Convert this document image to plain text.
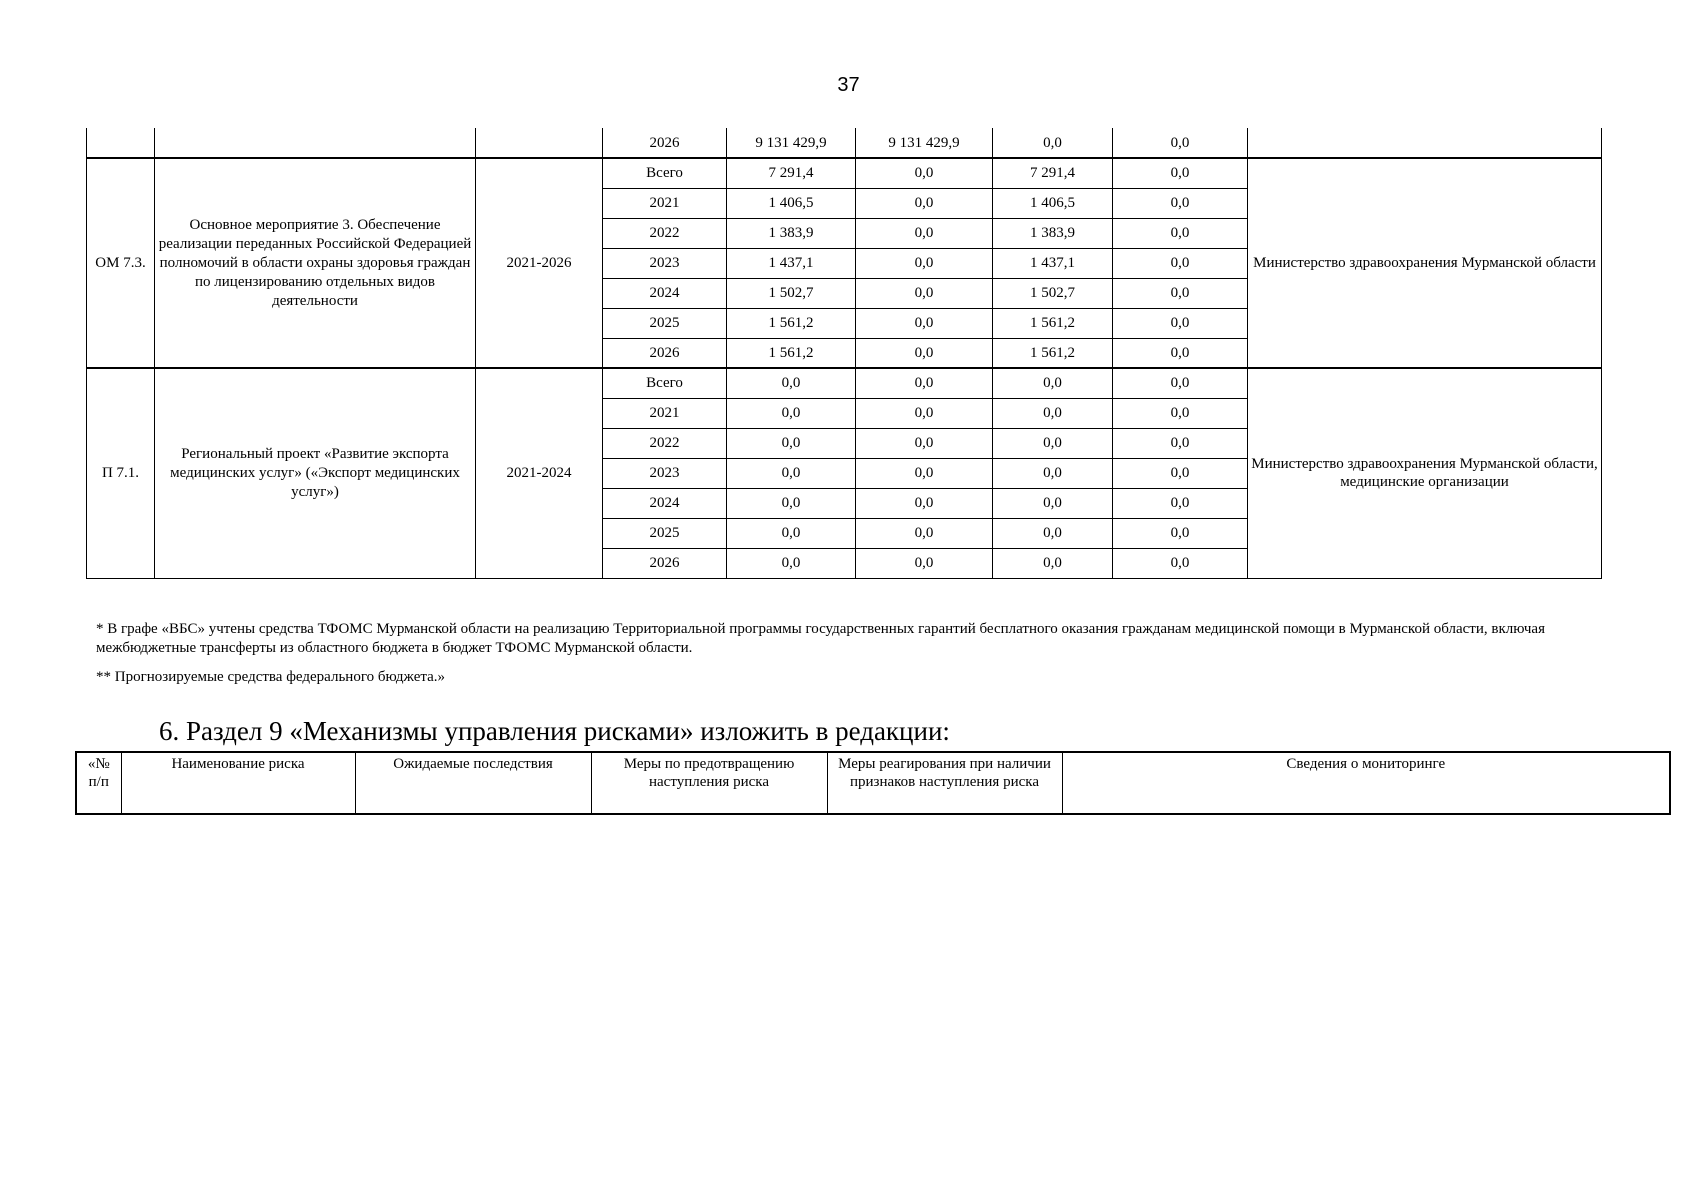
37
			2026	9 131 429,9	9 131 429,9	0,0	0,0	
ОМ 7.3.	Основное мероприятие 3. Обеспечение реализации переданных Российской Федерацией полномочий в области охраны здоровья граждан по лицензированию отдельных видов деятельности	2021-2026	Всего	7 291,4	0,0	7 291,4	0,0	Министерство здравоохранения Мурманской области
			2021	1 406,5	0,0	1 406,5	0,0	
			2022	1 383,9	0,0	1 383,9	0,0	
			2023	1 437,1	0,0	1 437,1	0,0	
			2024	1 502,7	0,0	1 502,7	0,0	
			2025	1 561,2	0,0	1 561,2	0,0	
			2026	1 561,2	0,0	1 561,2	0,0	
П 7.1.	Региональный проект «Развитие экспорта медицинских услуг» («Экспорт медицинских услуг»)	2021-2024	Всего	0,0	0,0	0,0	0,0	Министерство здравоохранения Мурманской области, медицинские организации
			2021	0,0	0,0	0,0	0,0	
			2022	0,0	0,0	0,0	0,0	
			2023	0,0	0,0	0,0	0,0	
			2024	0,0	0,0	0,0	0,0	
			2025	0,0	0,0	0,0	0,0	
			2026	0,0	0,0	0,0	0,0	
* В графе «ВБС» учтены средства ТФОМС Мурманской области на реализацию Территориальной программы государственных гарантий бесплатного оказания гражданам медицинской помощи в Мурманской области, включая межбюджетные трансферты из областного бюджета в бюджет ТФОМС Мурманской области.
** Прогнозируемые средства федерального бюджета.»
6. Раздел 9 «Механизмы управления рисками» изложить в редакции:
«№ п/п	Наименование риска	Ожидаемые последствия	Меры по предотвращению наступления риска	Меры реагирования при наличии признаков наступления риска	Сведения о мониторинге
